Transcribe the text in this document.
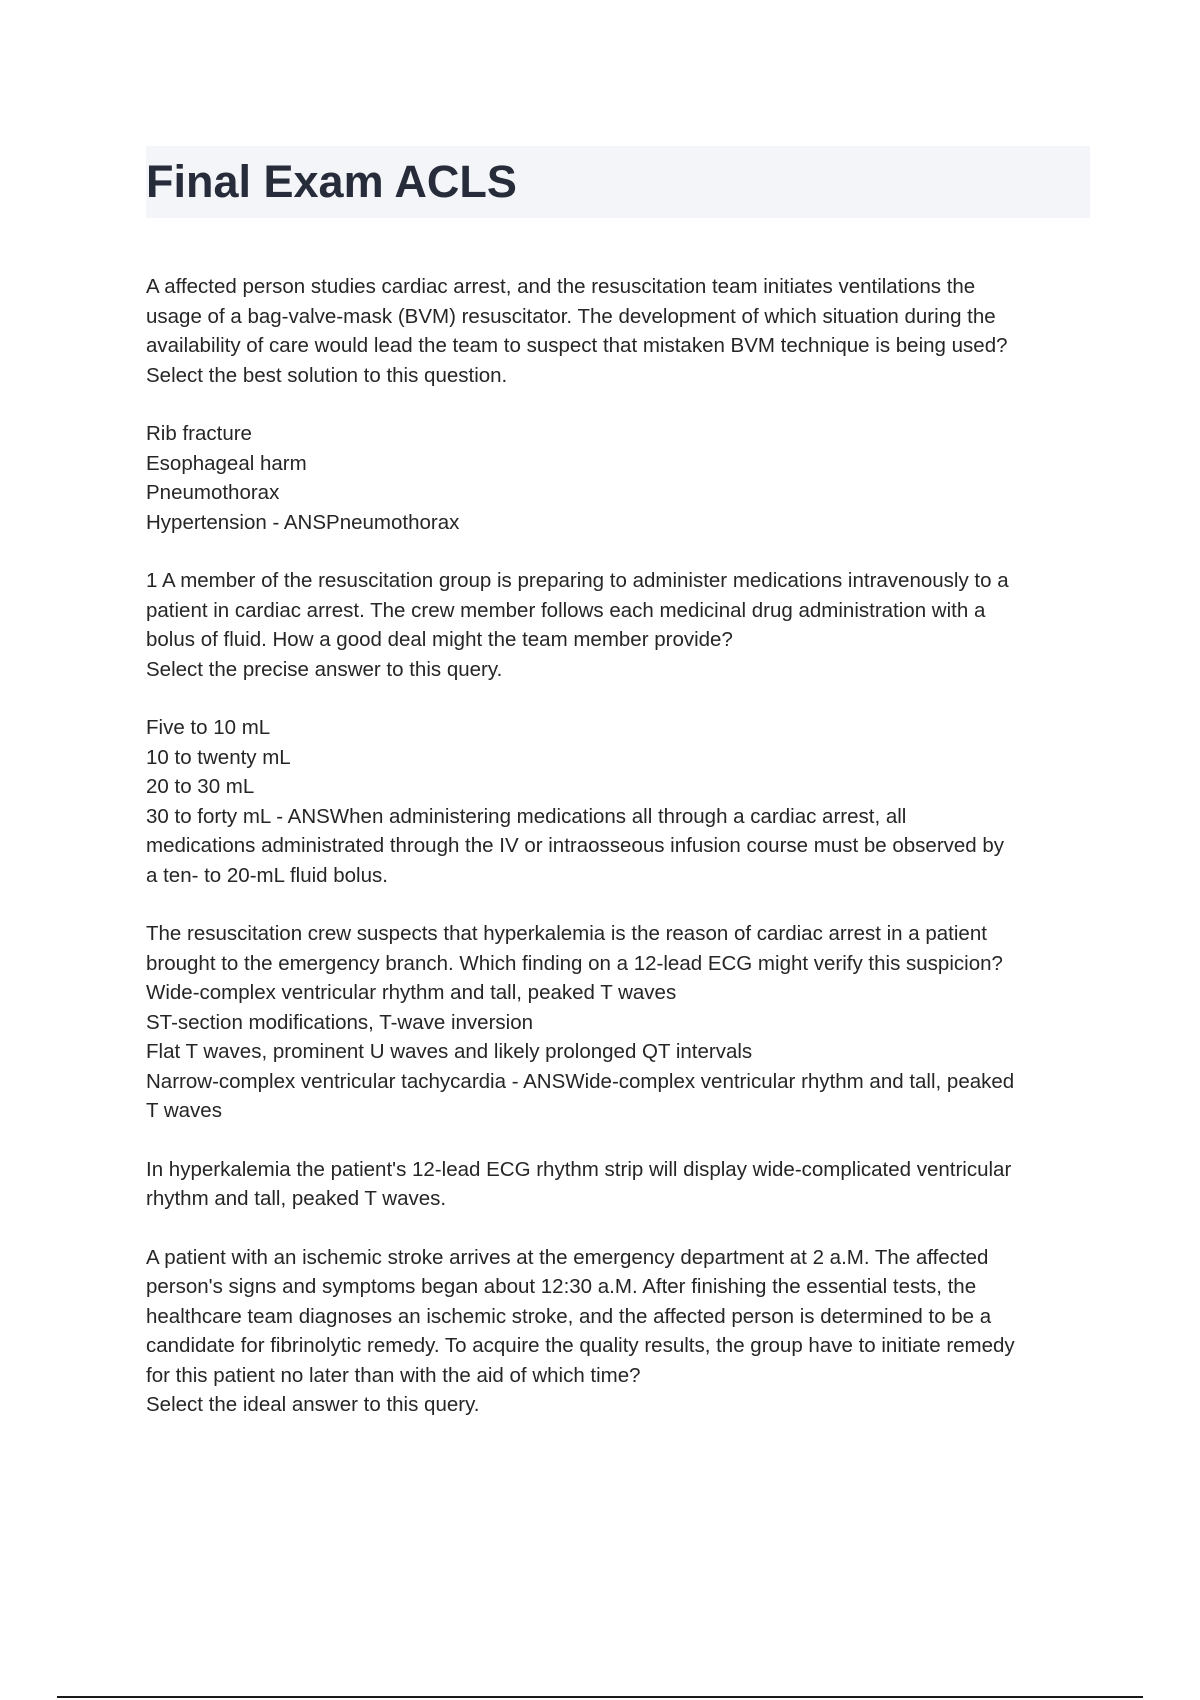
Final Exam ACLS

A affected person studies cardiac arrest, and the resuscitation team initiates ventilations the
usage of a bag-valve-mask (BVM) resuscitator. The development of which situation during the
availability of care would lead the team to suspect that mistaken BVM technique is being used?
Select the best solution to this question.

Rib fracture
Esophageal harm
Pneumothorax
Hypertension - ANSPneumothorax

1 A member of the resuscitation group is preparing to administer medications intravenously to a
patient in cardiac arrest. The crew member follows each medicinal drug administration with a
bolus of fluid. How a good deal might the team member provide?
Select the precise answer to this query.

Five to 10 mL
10 to twenty mL
20 to 30 mL
30 to forty mL - ANSWhen administering medications all through a cardiac arrest, all
medications administrated through the IV or intraosseous infusion course must be observed by
a ten- to 20-mL fluid bolus.

The resuscitation crew suspects that hyperkalemia is the reason of cardiac arrest in a patient
brought to the emergency branch. Which finding on a 12-lead ECG might verify this suspicion?
Wide-complex ventricular rhythm and tall, peaked T waves
ST-section modifications, T-wave inversion
Flat T waves, prominent U waves and likely prolonged QT intervals
Narrow-complex ventricular tachycardia - ANSWide-complex ventricular rhythm and tall, peaked
T waves

In hyperkalemia the patient's 12-lead ECG rhythm strip will display wide-complicated ventricular
rhythm and tall, peaked T waves.

A patient with an ischemic stroke arrives at the emergency department at 2 a.M. The affected
person's signs and symptoms began about 12:30 a.M. After finishing the essential tests, the
healthcare team diagnoses an ischemic stroke, and the affected person is determined to be a
candidate for fibrinolytic remedy. To acquire the quality results, the group have to initiate remedy
for this patient no later than with the aid of which time?
Select the ideal answer to this query.
